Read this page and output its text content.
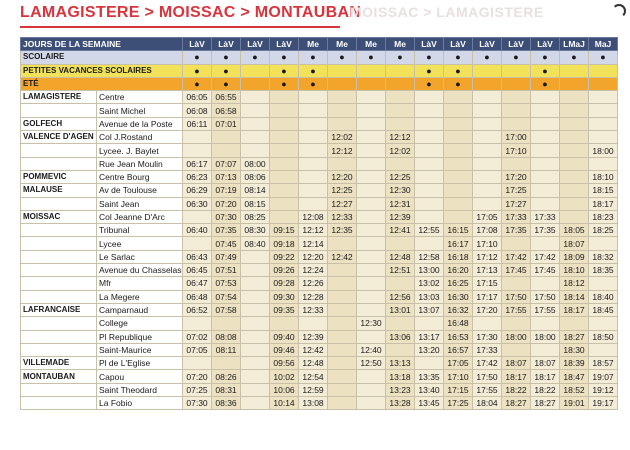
LAMAGISTERE > MOISSAC > MONTAUBAN
MOISSAC > LAMAGISTERE
JOURS DE LA SEMAINE		LàV	LàV	LàV	LàV	Me	Me	Me	Me	LàV	LàV	LàV	LàV	LàV	LMaJ	MaJ
SCOLAIRE		●	●	●	●	●	●	●	●	●	●	●	●	●	●	●
PETITES VACANCES SCOLAIRES		●	●		●	●				●	●			●		
ETÉ		●	●		●	●				●	●			●		
LAMAGISTERE	Centre	06:05	06:55													
	Saint Michel	06:08	06:58													
GOLFECH	Avenue de la Poste	06:11	07:01													
VALENCE D'AGEN	Col J.Rostand						12:02		12:12				17:00			
	Lycee. J. Baylet						12:12		12:02				17:10			18:00
	Rue Jean Moulin	06:17	07:07	08:00												
POMMEVIC	Centre Bourg	06:23	07:13	08:06			12:20		12:25				17:20			18:10
MALAUSE	Av de Toulouse	06:29	07:19	08:14			12:25		12:30				17:25			18:15
	Saint Jean	06:30	07:20	08:15			12:27		12:31				17:27			18:17
MOISSAC	Col Jeanne D'Arc		07:30	08:25		12:08	12:33		12:39			17:05	17:33	17:33		18:23
	Tribunal	06:40	07:35	08:30	09:15	12:12	12:35		12:41	12:55	16:15	17:08	17:35	17:35	18:05	18:25
	Lycee		07:45	08:40	09:18	12:14					16:17	17:10			18:07	
	Le Sarlac	06:43	07:49		09:22	12:20	12:42		12:48	12:58	16:18	17:12	17:42	17:42	18:09	18:32
	Avenue du Chasselas	06:45	07:51		09:26	12:24			12:51	13:00	16:20	17:13	17:45	17:45	18:10	18:35
	Mfr	06:47	07:53		09:28	12:26				13:02	16:25	17:15			18:12	
	La Megere	06:48	07:54		09:30	12:28			12:56	13:03	16:30	17:17	17:50	17:50	18:14	18:40
LAFRANCAISE	Camparnaud	06:52	07:58		09:35	12:33			13:01	13:07	16:32	17:20	17:55	17:55	18:17	18:45
	College							12:30			16:48					
	Pl Republique	07:02	08:08		09:40	12:39			13:06	13:17	16:53	17:30	18:00	18:00	18:27	18:50
	Saint-Maurice	07:05	08:11		09:46	12:42		12:40		13:20	16:57	17:33			18:30	
VILLEMADE	Pl de L'Eglise				09:56	12:48		12:50	13:13		17:05	17:42	18:07	18:07	18:39	18:57
MONTAUBAN	Capou	07:20	08:26		10:02	12:54			13:18	13:35	17:10	17:50	18:17	18:17	18:47	19:07
	Saint Theodard	07:25	08:31		10:06	12:59			13:23	13:40	17:15	17:55	18:22	18:22	18:52	19:12
	La Fobio	07:30	08:36		10:14	13:08			13:28	13:45	17:25	18:04	18:27	18:27	19:01	19:17
